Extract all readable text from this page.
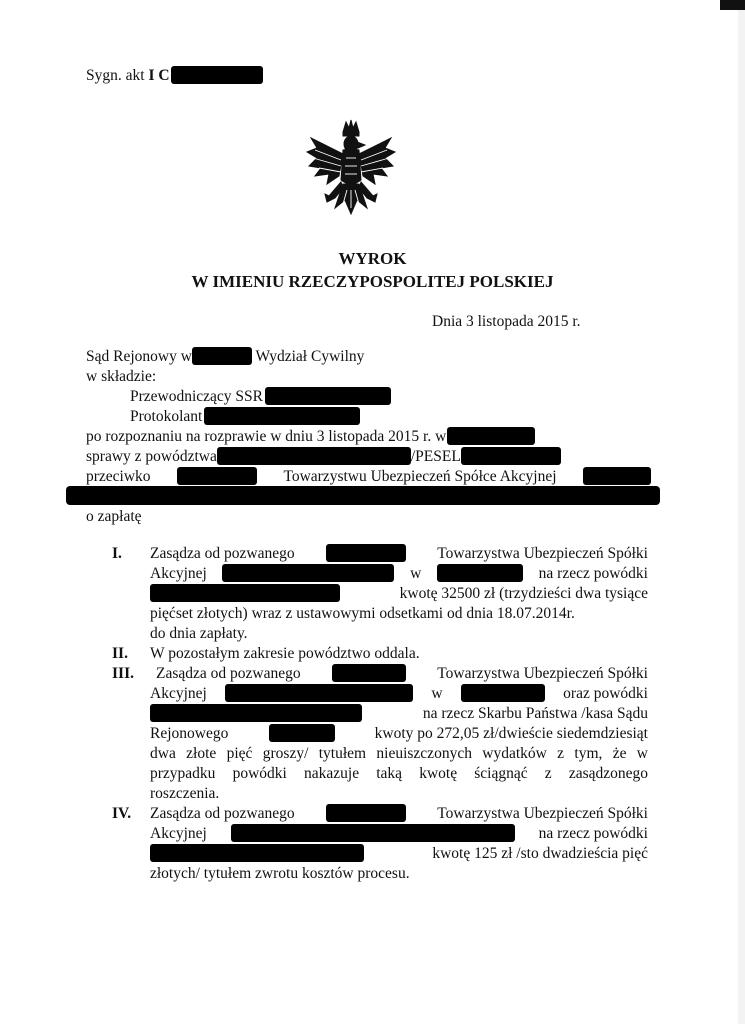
Sygn. akt I C
WYROK
W IMIENIU RZECZYPOSPOLITEJ POLSKIEJ
Dnia 3 listopada 2015 r.
Sąd Rejonowy w	Wydział Cywilny
w składzie:
Przewodniczący SSR
Protokolant
po rozpoznaniu na rozprawie w dniu 3 listopada 2015 r. w
sprawy z powództwa	/PESEL
przeciwko	Towarzystwu Ubezpieczeń Spółce Akcyjnej
o zapłatę
I. Zasądza od pozwanego	Towarzystwa Ubezpieczeń Spółki
Akcyjnej	w	na rzecz powódki
kwotę 32500 zł (trzydzieści dwa tysiące
pięćset złotych) wraz z ustawowymi odsetkami od dnia 18.07.2014r.
do dnia zapłaty.
II. W pozostałym zakresie powództwo oddala.
III. Zasądza od pozwanego	Towarzystwa Ubezpieczeń Spółki
Akcyjnej	w	oraz powódki
na rzecz Skarbu Państwa /kasa Sądu
Rejonowego	kwoty po 272,05 zł/dwieście siedemdziesiąt
dwa złote pięć groszy/ tytułem nieuiszczonych wydatków z tym, że w
przypadku powódki nakazuje taką kwotę ściągnąć z zasądzonego
roszczenia.
IV. Zasądza od pozwanego	Towarzystwa Ubezpieczeń Spółki
Akcyjnej	na rzecz powódki
kwotę 125 zł /sto dwadzieścia pięć
złotych/ tytułem zwrotu kosztów procesu.
